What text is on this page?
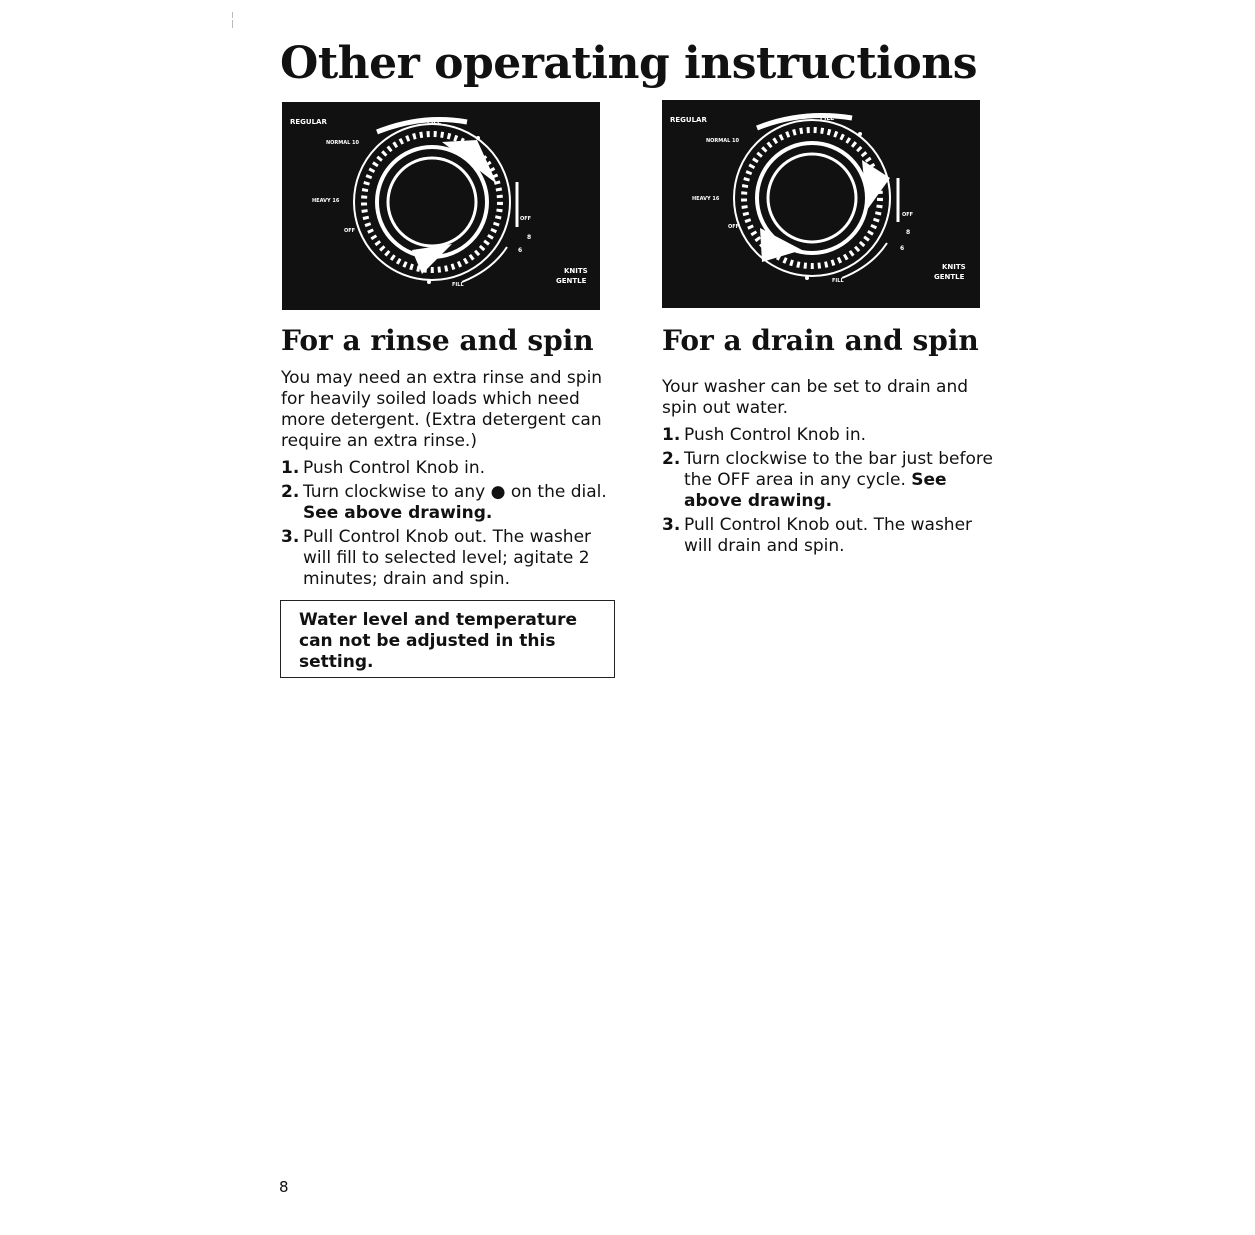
Other operating instructions
REGULAR
NORMAL 10
HEAVY 16
FILL
OFF
OFF
8
6
KNITS
GENTLE
FILL
REGULAR
NORMAL 10
HEAVY 16
FILL
OFF
OFF
8
6
KNITS
GENTLE
FILL
For a rinse and spin

You may need an extra rinse and spin for heavily soiled loads which need more detergent. (Extra detergent can require an extra rinse.)

1. Push Control Knob in.
2. Turn clockwise to any ● on the dial. See above drawing.
3. Pull Control Knob out. The washer will fill to selected level; agitate 2 minutes; drain and spin.
Water level and temperature can not be adjusted in this setting.
For a drain and spin

Your washer can be set to drain and spin out water.

1. Push Control Knob in.
2. Turn clockwise to the bar just before the OFF area in any cycle. See above drawing.
3. Pull Control Knob out. The washer will drain and spin.
8
